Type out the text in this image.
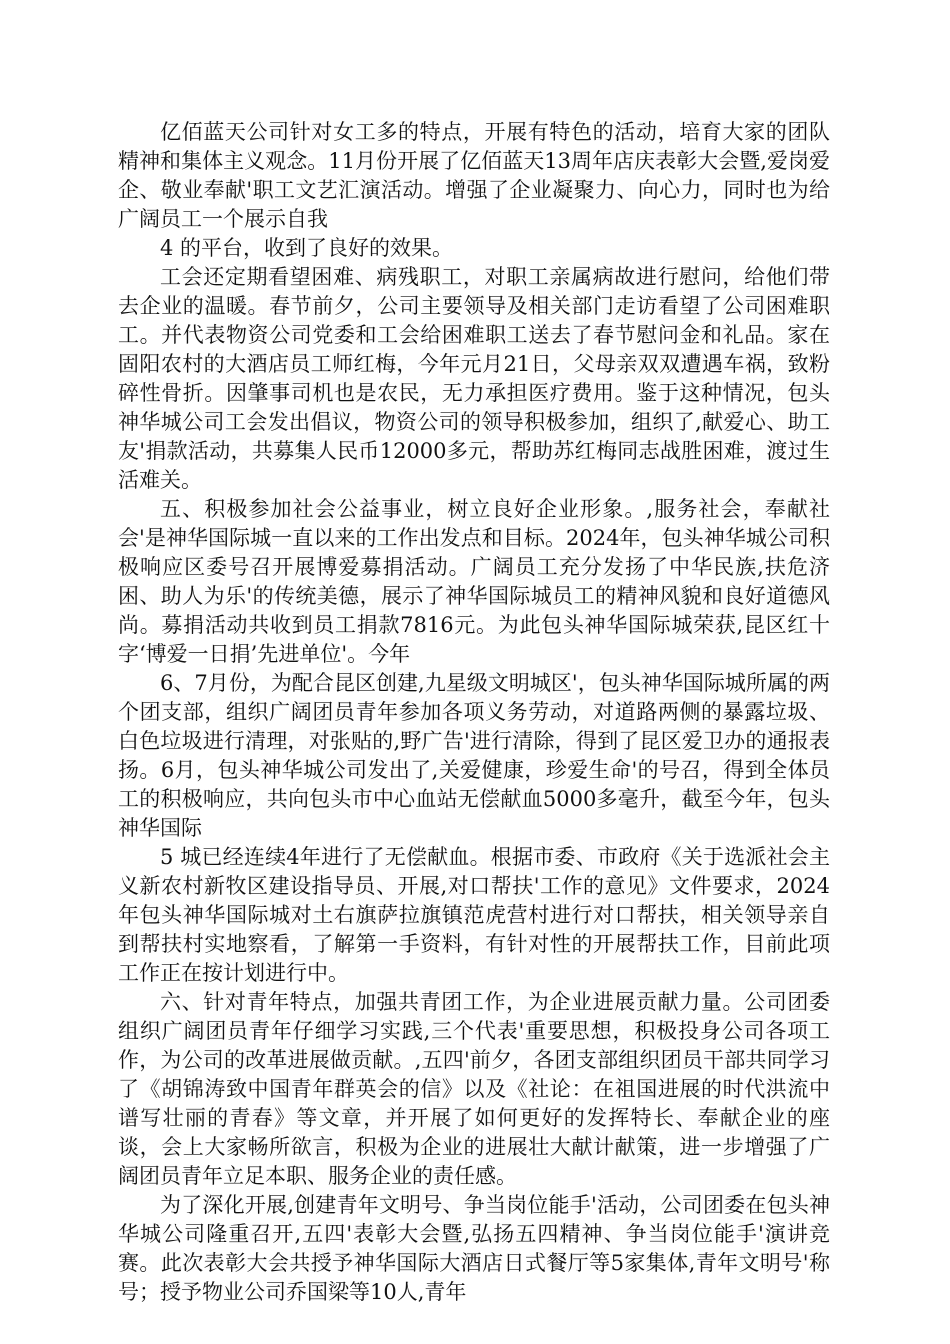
亿佰蓝天公司针对女工多的特点，开展有特色的活动，培育大家的团队精神和集体主义观念。11月份开展了亿佰蓝天13周年店庆表彰大会暨,爱岗爱企、敬业奉献'职工文艺汇演活动。增强了企业凝聚力、向心力，同时也为给广阔员工一个展示自我

4 的平台，收到了良好的效果。

工会还定期看望困难、病残职工，对职工亲属病故进行慰问，给他们带去企业的温暖。春节前夕，公司主要领导及相关部门走访看望了公司困难职工。并代表物资公司党委和工会给困难职工送去了春节慰问金和礼品。家在固阳农村的大酒店员工师红梅，今年元月21日，父母亲双双遭遇车祸，致粉碎性骨折。因肇事司机也是农民，无力承担医疗费用。鉴于这种情况，包头神华城公司工会发出倡议，物资公司的领导积极参加，组织了,献爱心、助工友'捐款活动，共募集人民币12000多元，帮助苏红梅同志战胜困难，渡过生活难关。

五、积极参加社会公益事业，树立良好企业形象。,服务社会，奉献社会'是神华国际城一直以来的工作出发点和目标。2024年，包头神华城公司积极响应区委号召开展博爱募捐活动。广阔员工充分发扬了中华民族,扶危济困、助人为乐'的传统美德，展示了神华国际城员工的精神风貌和良好道德风尚。募捐活动共收到员工捐款7816元。为此包头神华国际城荣获,昆区红十字‘博爱一日捐’先进单位'。今年

6、7月份，为配合昆区创建,九星级文明城区'，包头神华国际城所属的两个团支部，组织广阔团员青年参加各项义务劳动，对道路两侧的暴露垃圾、白色垃圾进行清理，对张贴的,野广告'进行清除，得到了昆区爱卫办的通报表扬。6月，包头神华城公司发出了,关爱健康，珍爱生命'的号召，得到全体员工的积极响应，共向包头市中心血站无偿献血5000多毫升，截至今年，包头神华国际

5 城已经连续4年进行了无偿献血。根据市委、市政府《关于选派社会主义新农村新牧区建设指导员、开展,对口帮扶'工作的意见》文件要求，2024年包头神华国际城对土右旗萨拉旗镇范虎营村进行对口帮扶，相关领导亲自到帮扶村实地察看，了解第一手资料，有针对性的开展帮扶工作，目前此项工作正在按计划进行中。

六、针对青年特点，加强共青团工作，为企业进展贡献力量。公司团委组织广阔团员青年仔细学习实践,三个代表'重要思想，积极投身公司各项工作，为公司的改革进展做贡献。,五四'前夕，各团支部组织团员干部共同学习了《胡锦涛致中国青年群英会的信》以及《社论：在祖国进展的时代洪流中谱写壮丽的青春》等文章，并开展了如何更好的发挥特长、奉献企业的座谈，会上大家畅所欲言，积极为企业的进展壮大献计献策，进一步增强了广阔团员青年立足本职、服务企业的责任感。

为了深化开展,创建青年文明号、争当岗位能手'活动，公司团委在包头神华城公司隆重召开,五四'表彰大会暨,弘扬五四精神、争当岗位能手'演讲竞赛。此次表彰大会共授予神华国际大酒店日式餐厅等5家集体,青年文明号'称号；授予物业公司乔国梁等10人,青年
